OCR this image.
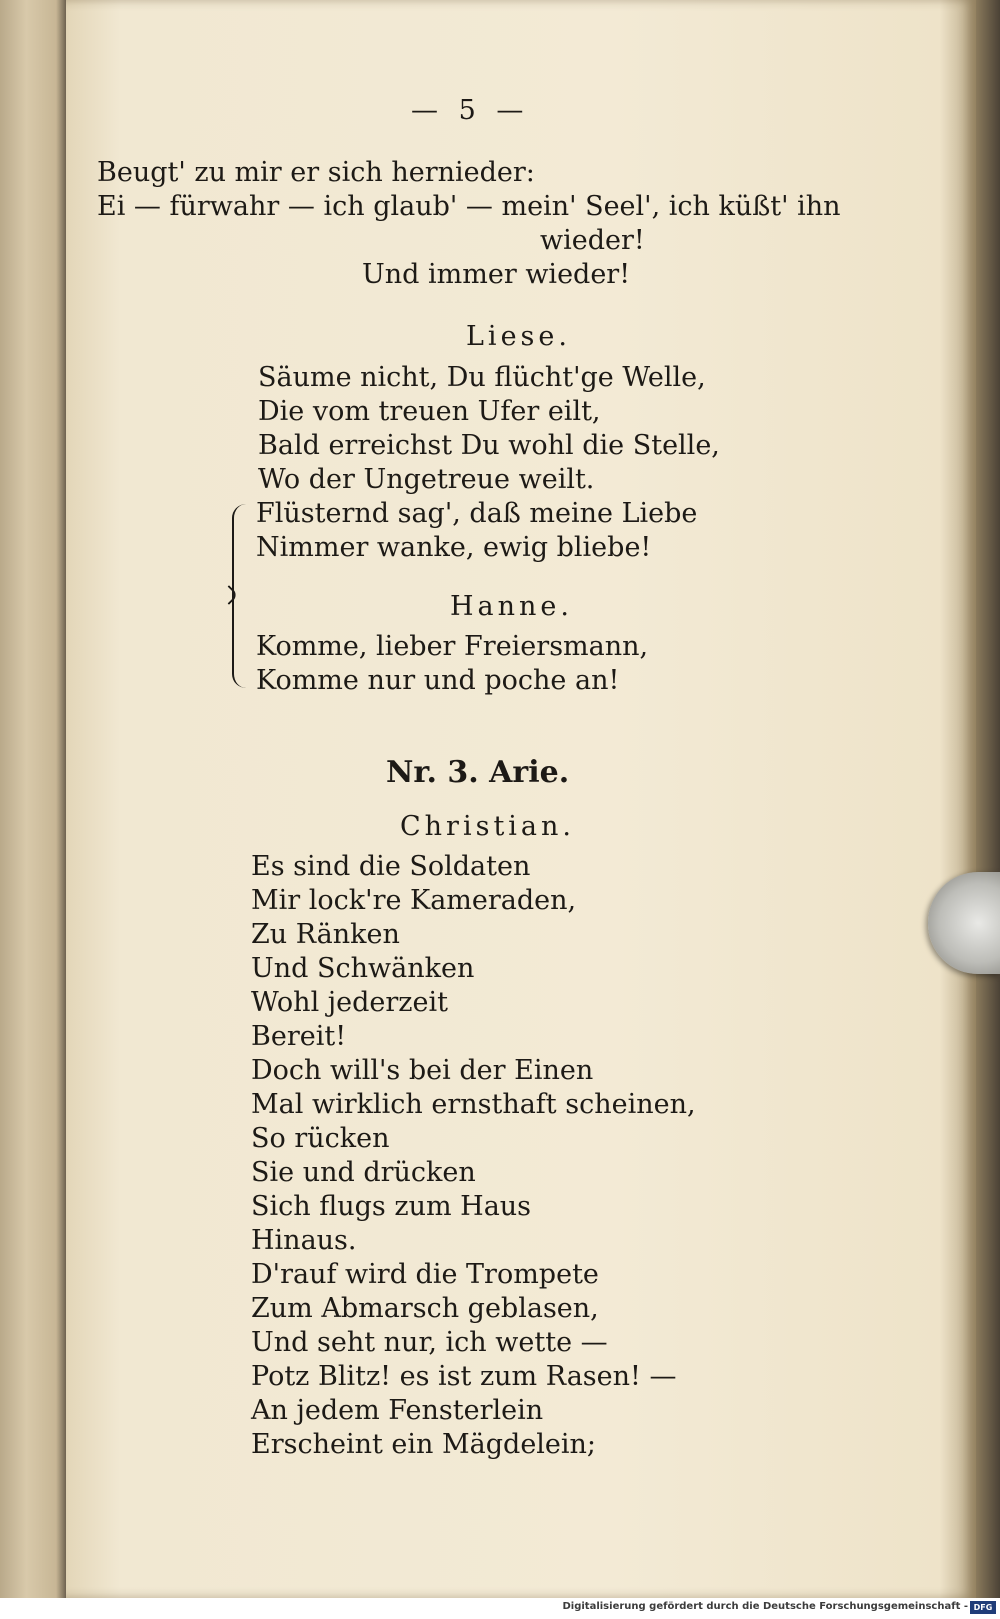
— 5 —
Beugt' zu mir er sich hernieder:
Ei — fürwahr — ich glaub' — mein' Seel', ich küßt' ihn
wieder!
Und immer wieder!
Liese.
Säume nicht, Du flücht'ge Welle,
Die vom treuen Ufer eilt,
Bald erreichst Du wohl die Stelle,
Wo der Ungetreue weilt.
Flüsternd sag', daß meine Liebe
Nimmer wanke, ewig bliebe!
Hanne.
Komme, lieber Freiersmann,
Komme nur und poche an!
Nr. 3. Arie.
Christian.
Es sind die Soldaten
Mir lock're Kameraden,
Zu Ränken
Und Schwänken
Wohl jederzeit
Bereit!
Doch will's bei der Einen
Mal wirklich ernsthaft scheinen,
So rücken
Sie und drücken
Sich flugs zum Haus
Hinaus.
D'rauf wird die Trompete
Zum Abmarsch geblasen,
Und seht nur, ich wette —
Potz Blitz! es ist zum Rasen! —
An jedem Fensterlein
Erscheint ein Mägdelein;
Digitalisierung gefördert durch die Deutsche Forschungsgemeinschaft - DFG
